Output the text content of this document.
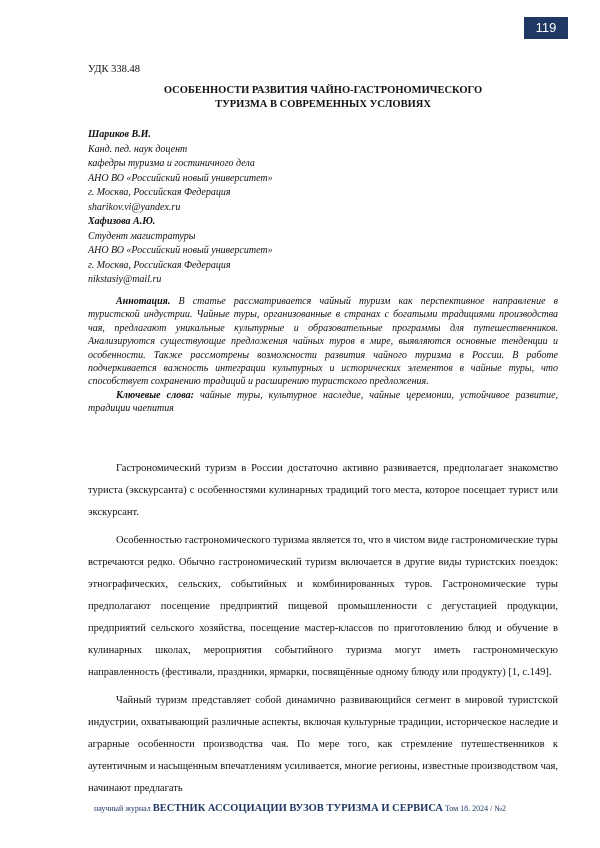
119
УДК 338.48
ОСОБЕННОСТИ РАЗВИТИЯ ЧАЙНО-ГАСТРОНОМИЧЕСКОГО
ТУРИЗМА В СОВРЕМЕННЫХ УСЛОВИЯХ
Шариков В.И.
Канд. пед. наук доцент
кафедры туризма и гостиничного дела
АНО ВО «Российский новый университет»
г. Москва, Российская Федерация
sharikov.vi@yandex.ru
Хафизова А.Ю.
Студент магистратуры
АНО ВО «Российский новый университет»
г. Москва, Российская Федерация
nikstasiy@mail.ru

Аннотация. В статье рассматривается чайный туризм как перспективное направление в туристской индустрии. Чайные туры, организованные в странах с богатыми традициями производства чая, предлагают уникальные культурные и образовательные программы для путешественников. Анализируются существующие предложения чайных туров в мире, выявляются основные тенденции и особенности. Также рассмотрены возможности развития чайного туризма в России. В работе подчеркивается важность интеграции культурных и исторических элементов в чайные туры, что способствует сохранению традиций и расширению туристского предложения.

Ключевые слова: чайные туры, культурное наследие, чайные церемонии, устойчивое развитие, традиции чаепития

Гастрономический туризм в России достаточно активно развивается, предполагает знакомство туриста (экскурсанта) с особенностями кулинарных традиций того места, которое посещает турист или экскурсант.

Особенностью гастрономического туризма является то, что в чистом виде гастрономические туры встречаются редко. Обычно гастрономический туризм включается в другие виды туристских поездок: этнографических, сельских, событийных и комбинированных туров. Гастрономические туры предполагают посещение предприятий пищевой промышленности с дегустацией продукции, предприятий сельского хозяйства, посещение мастер-классов по приготовлению блюд и обучение в кулинарных школах, мероприятия событийного туризма могут иметь гастрономическую направленность (фестивали, праздники, ярмарки, посвящённые одному блюду или продукту) [1, с.149].

Чайный туризм представляет собой динамично развивающийся сегмент в мировой туристской индустрии, охватывающий различные аспекты, включая культурные традиции, историческое наследие и аграрные особенности производства чая. По мере того, как стремление путешественников к аутентичным и насыщенным впечатлениям усиливается, многие регионы, известные производством чая, начинают предлагать

научный журнал ВЕСТНИК АССОЦИАЦИИ ВУЗОВ ТУРИЗМА И СЕРВИСА Том 18. 2024 / №2
